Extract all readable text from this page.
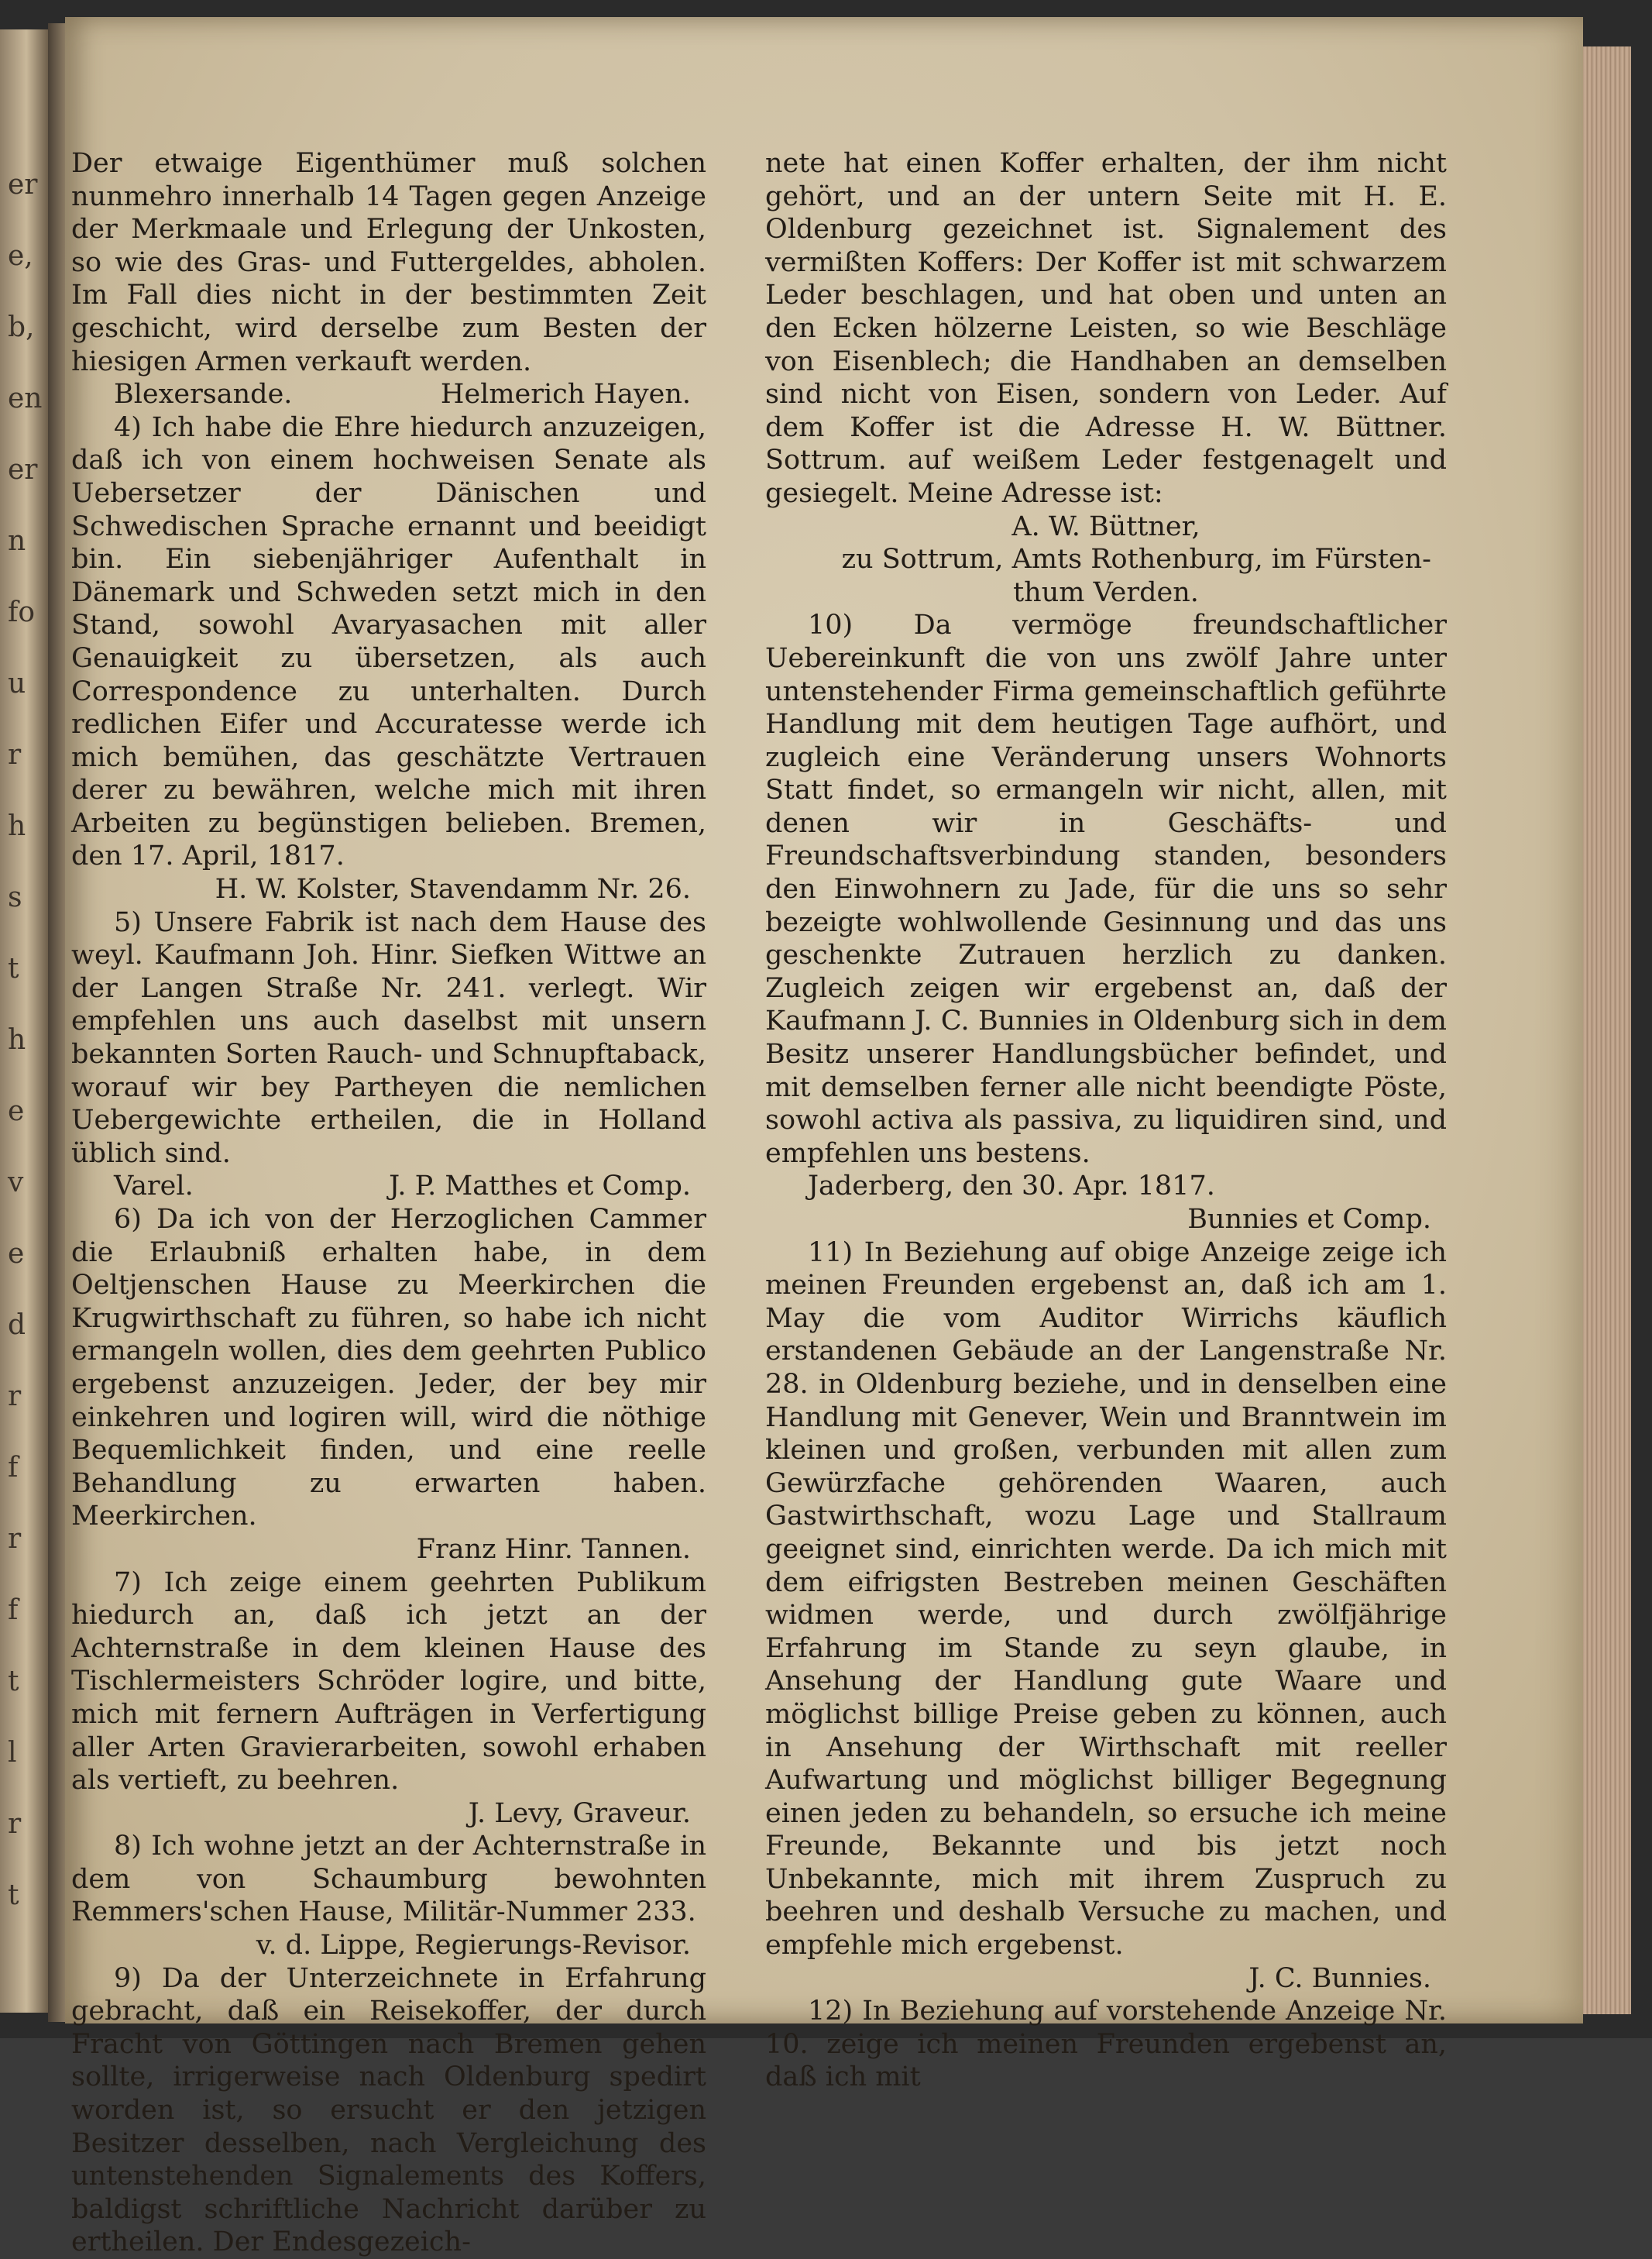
er
e,
b,
en
er
n
fo
u
r
h
s
t
h
e
v
e
d
r
f
r
f
t
l
r
t

Der etwaige Eigenthümer muß solchen nunmehro innerhalb 14 Tagen gegen Anzeige der Merkmaale und Erlegung der Unkosten, so wie des Gras- und Futtergeldes, abholen. Im Fall dies nicht in der bestimmten Zeit geschicht, wird derselbe zum Besten der hiesigen Armen verkauft werden.

Blexersande.	Helmerich Hayen.

4) Ich habe die Ehre hiedurch anzuzeigen, daß ich von einem hochweisen Senate als Uebersetzer der Dänischen und Schwedischen Sprache ernannt und beeidigt bin. Ein siebenjähriger Aufenthalt in Dänemark und Schweden setzt mich in den Stand, sowohl Avaryasachen mit aller Genauigkeit zu übersetzen, als auch Correspondence zu unterhalten. Durch redlichen Eifer und Accuratesse werde ich mich bemühen, das geschätzte Vertrauen derer zu bewähren, welche mich mit ihren Arbeiten zu begünstigen belieben. Bremen, den 17. April, 1817.

H. W. Kolster, Stavendamm Nr. 26.

5) Unsere Fabrik ist nach dem Hause des weyl. Kaufmann Joh. Hinr. Siefken Wittwe an der Langen Straße Nr. 241. verlegt. Wir empfehlen uns auch daselbst mit unsern bekannten Sorten Rauch- und Schnupftaback, worauf wir bey Partheyen die nemlichen Uebergewichte ertheilen, die in Holland üblich sind.

Varel.	J. P. Matthes et Comp.

6) Da ich von der Herzoglichen Cammer die Erlaubniß erhalten habe, in dem Oeltjenschen Hause zu Meerkirchen die Krugwirthschaft zu führen, so habe ich nicht ermangeln wollen, dies dem geehrten Publico ergebenst anzuzeigen. Jeder, der bey mir einkehren und logiren will, wird die nöthige Bequemlichkeit finden, und eine reelle Behandlung zu erwarten haben. Meerkirchen.

Franz Hinr. Tannen.

7) Ich zeige einem geehrten Publikum hiedurch an, daß ich jetzt an der Achternstraße in dem kleinen Hause des Tischlermeisters Schröder logire, und bitte, mich mit fernern Aufträgen in Verfertigung aller Arten Gravierarbeiten, sowohl erhaben als vertieft, zu beehren.

J. Levy, Graveur.

8) Ich wohne jetzt an der Achternstraße in dem von Schaumburg bewohnten Remmers'schen Hause, Militär-Nummer 233.

v. d. Lippe, Regierungs-Revisor.

9) Da der Unterzeichnete in Erfahrung gebracht, daß ein Reisekoffer, der durch Fracht von Göttingen nach Bremen gehen sollte, irrigerweise nach Oldenburg spedirt worden ist, so ersucht er den jetzigen Besitzer desselben, nach Vergleichung des untenstehenden Signalements des Koffers, baldigst schriftliche Nachricht darüber zu ertheilen. Der Endesgezeich-

nete hat einen Koffer erhalten, der ihm nicht gehört, und an der untern Seite mit H. E. Oldenburg gezeichnet ist. Signalement des vermißten Koffers: Der Koffer ist mit schwarzem Leder beschlagen, und hat oben und unten an den Ecken hölzerne Leisten, so wie Beschläge von Eisenblech; die Handhaben an demselben sind nicht von Eisen, sondern von Leder. Auf dem Koffer ist die Adresse H. W. Büttner. Sottrum. auf weißem Leder festgenagelt und gesiegelt. Meine Adresse ist:

A. W. Büttner,

zu Sottrum, Amts Rothenburg, im Fürsten-

thum Verden.

10) Da vermöge freundschaftlicher Uebereinkunft die von uns zwölf Jahre unter untenstehender Firma gemeinschaftlich geführte Handlung mit dem heutigen Tage aufhört, und zugleich eine Veränderung unsers Wohnorts Statt findet, so ermangeln wir nicht, allen, mit denen wir in Geschäfts- und Freundschaftsverbindung standen, besonders den Einwohnern zu Jade, für die uns so sehr bezeigte wohlwollende Gesinnung und das uns geschenkte Zutrauen herzlich zu danken. Zugleich zeigen wir ergebenst an, daß der Kaufmann J. C. Bunnies in Oldenburg sich in dem Besitz unserer Handlungsbücher befindet, und mit demselben ferner alle nicht beendigte Pöste, sowohl activa als passiva, zu liquidiren sind, und empfehlen uns bestens.

Jaderberg, den 30. Apr. 1817.

Bunnies et Comp.

11) In Beziehung auf obige Anzeige zeige ich meinen Freunden ergebenst an, daß ich am 1. May die vom Auditor Wirrichs käuflich erstandenen Gebäude an der Langenstraße Nr. 28. in Oldenburg beziehe, und in denselben eine Handlung mit Genever, Wein und Branntwein im kleinen und großen, verbunden mit allen zum Gewürzfache gehörenden Waaren, auch Gastwirthschaft, wozu Lage und Stallraum geeignet sind, einrichten werde. Da ich mich mit dem eifrigsten Bestreben meinen Geschäften widmen werde, und durch zwölfjährige Erfahrung im Stande zu seyn glaube, in Ansehung der Handlung gute Waare und möglichst billige Preise geben zu können, auch in Ansehung der Wirthschaft mit reeller Aufwartung und möglichst billiger Begegnung einen jeden zu behandeln, so ersuche ich meine Freunde, Bekannte und bis jetzt noch Unbekannte, mich mit ihrem Zuspruch zu beehren und deshalb Versuche zu machen, und empfehle mich ergebenst.

J. C. Bunnies.

12) In Beziehung auf vorstehende Anzeige Nr. 10. zeige ich meinen Freunden ergebenst an, daß ich mit
